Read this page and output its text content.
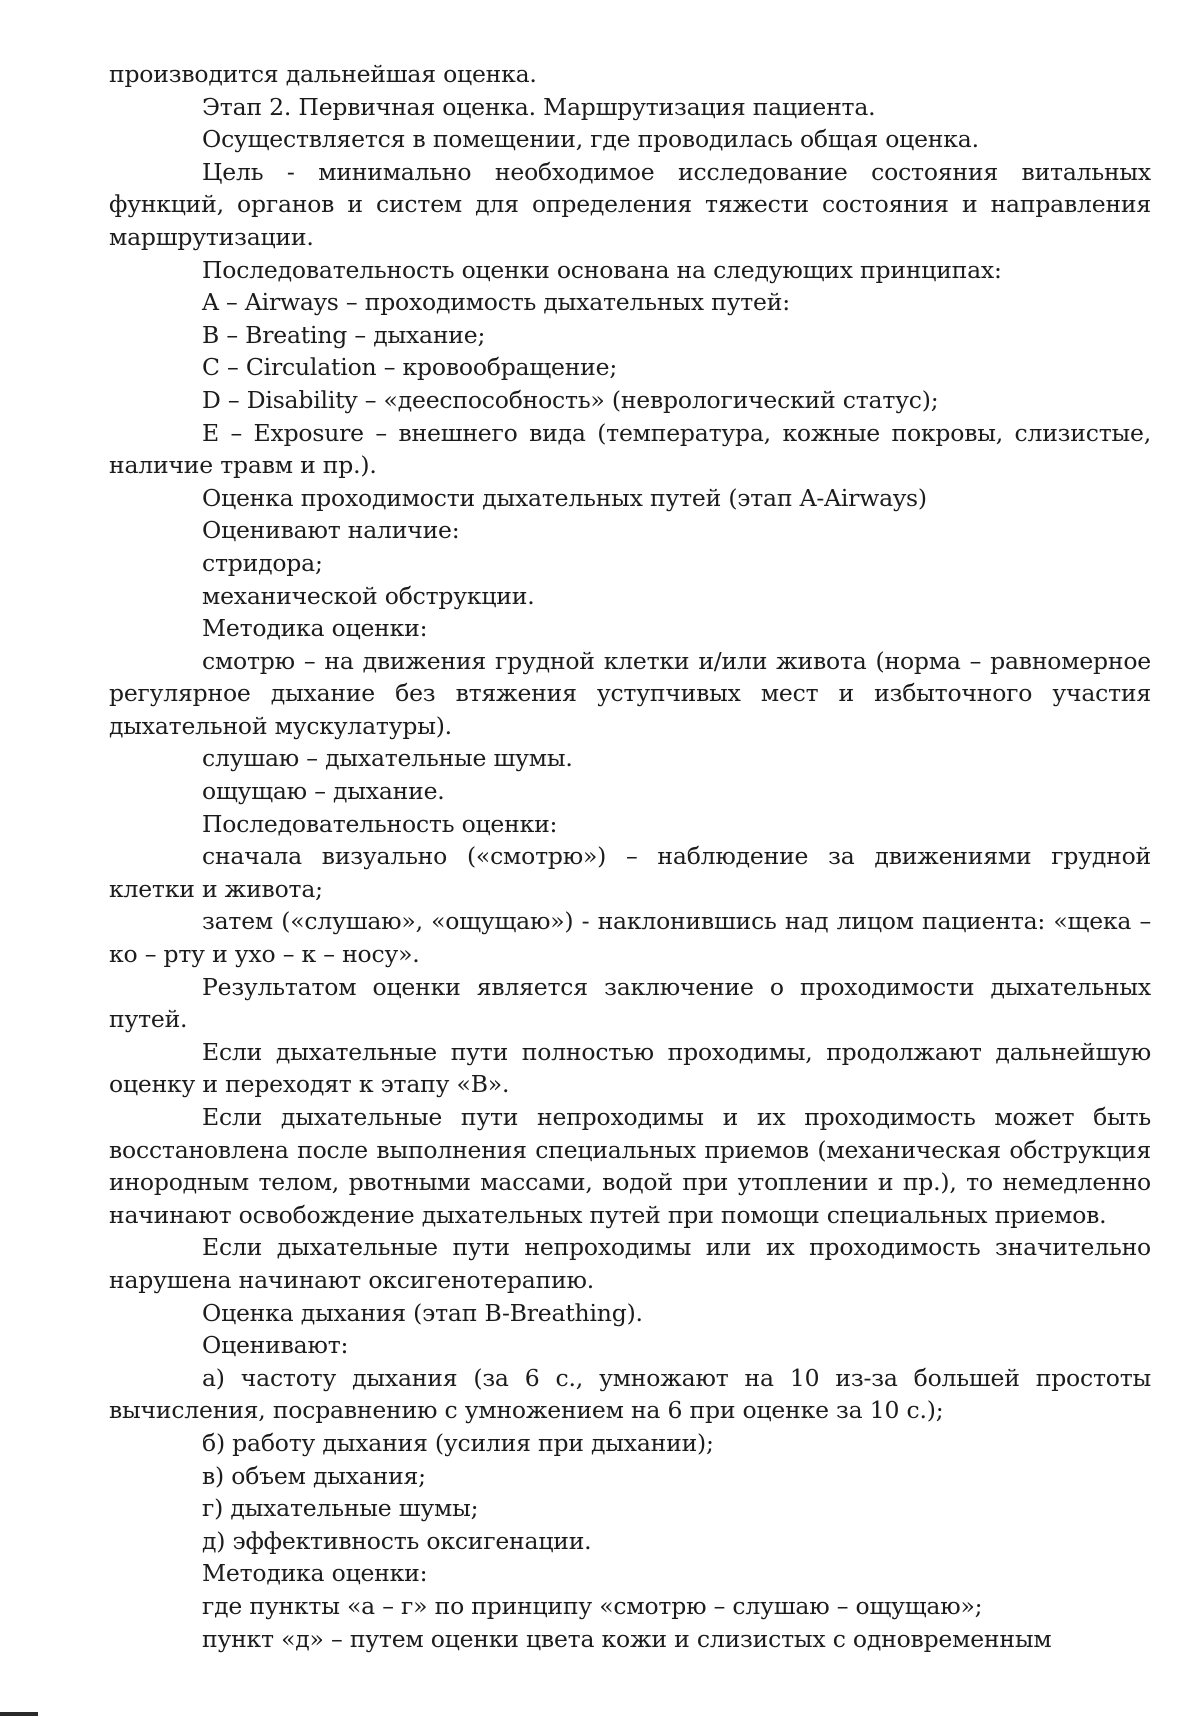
производится дальнейшая оценка.

Этап 2. Первичная оценка. Маршрутизация пациента.

Осуществляется в помещении, где проводилась общая оценка.

Цель - минимально необходимое исследование состояния витальных функций, органов и систем для определения тяжести состояния и направления маршрутизации.

Последовательность оценки основана на следующих принципах:

A – Airways – проходимость дыхательных путей:

B – Breating – дыхание;

C – Circulation – кровообращение;

D – Disability – «дееспособность» (неврологический статус);

E – Exposure – внешнего вида (температура, кожные покровы, слизистые, наличие травм и пр.).

Оценка проходимости дыхательных путей (этап A-Airways)

Оценивают наличие:

стридора;

механической обструкции.

Методика оценки:

смотрю – на движения грудной клетки и/или живота (норма – равномерное регулярное дыхание без втяжения уступчивых мест и избыточного участия дыхательной мускулатуры).

слушаю – дыхательные шумы.

ощущаю – дыхание.

Последовательность оценки:

сначала визуально («смотрю») – наблюдение за движениями грудной клетки и живота;

затем («слушаю», «ощущаю») - наклонившись над лицом пациента: «щека – ко – рту и ухо – к – носу».

Результатом оценки является заключение о проходимости дыхательных путей.

Если дыхательные пути полностью проходимы, продолжают дальнейшую оценку и переходят к этапу «B».

Если дыхательные пути непроходимы и их проходимость может быть восстановлена после выполнения специальных приемов (механическая обструкция инородным телом, рвотными массами, водой при утоплении и пр.), то немедленно начинают освобождение дыхательных путей при помощи специальных приемов.

Если дыхательные пути непроходимы или их проходимость значительно нарушена начинают оксигенотерапию.

Оценка дыхания (этап B-Breathing).

Оценивают:

а) частоту дыхания (за 6 с., умножают на 10 из-за большей простоты вычисления, посравнению с умножением на 6 при оценке за 10 с.);

б) работу дыхания (усилия при дыхании);

в) объем дыхания;

г) дыхательные шумы;

д) эффективность оксигенации.

Методика оценки:

где пункты «а – г» по принципу «смотрю – слушаю – ощущаю»;

пункт «д» – путем оценки цвета кожи и слизистых с одновременным
